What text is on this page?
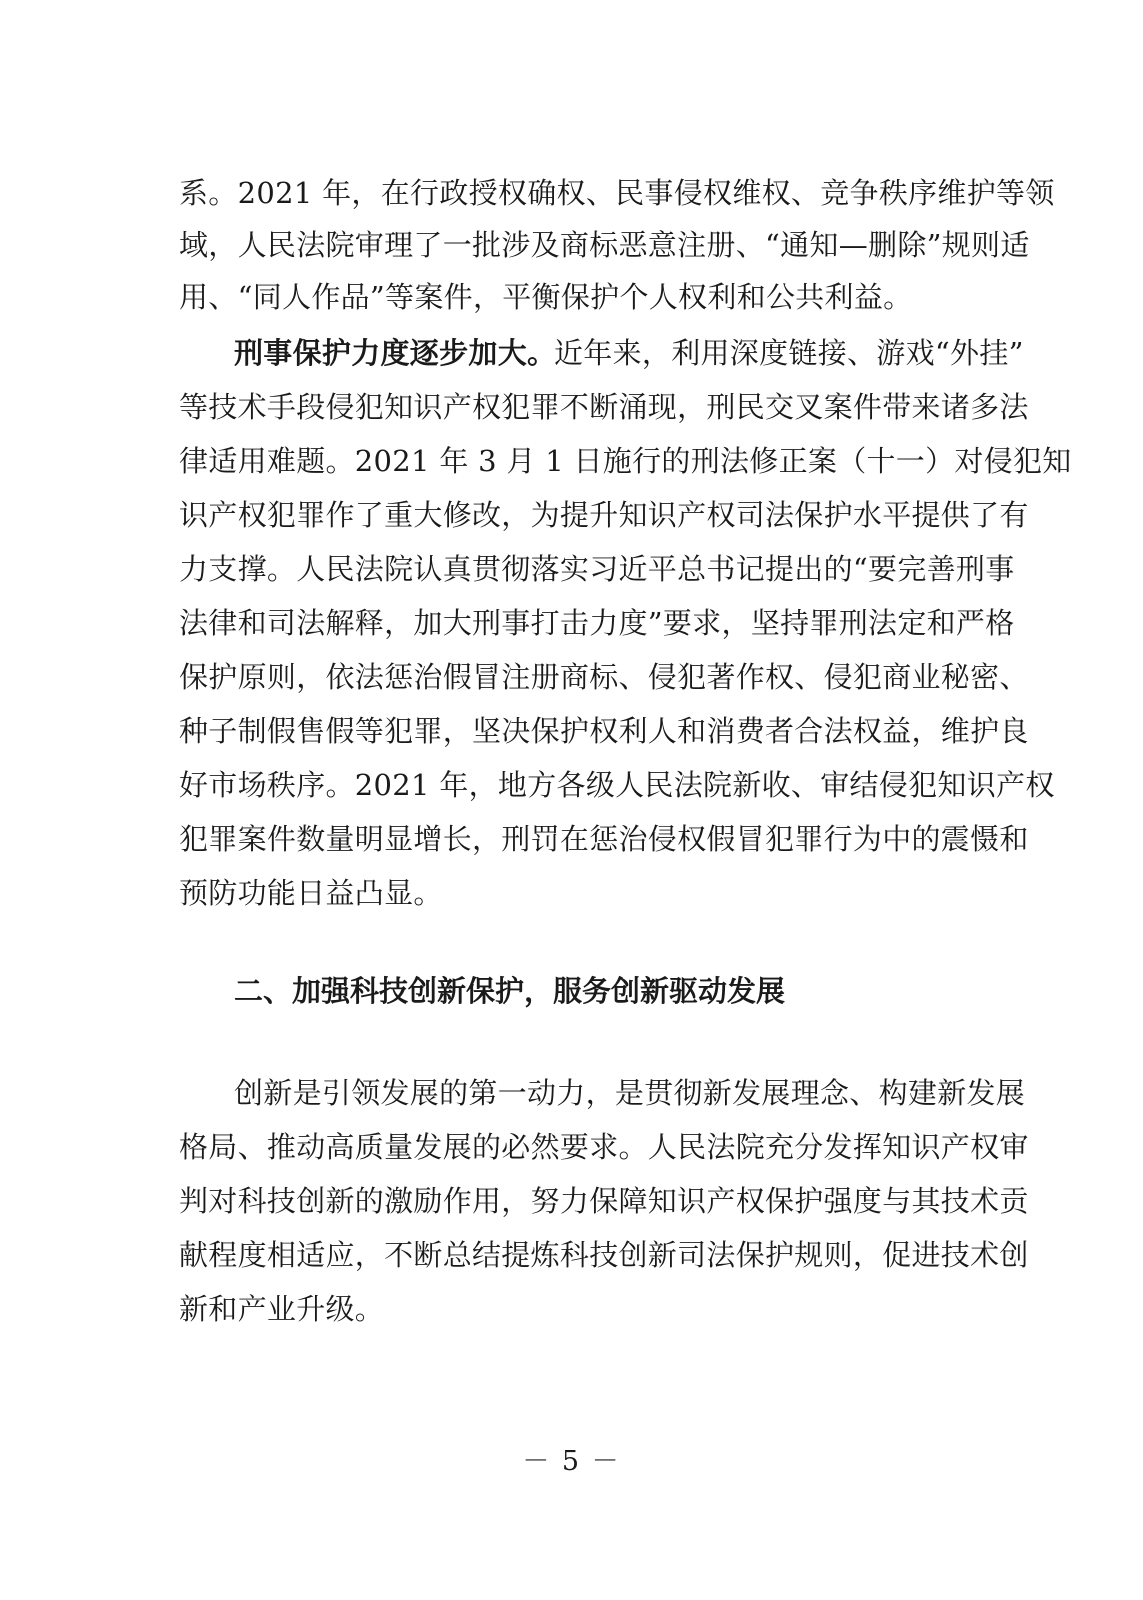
系。2021 年，在行政授权确权、民事侵权维权、竞争秩序维护等领
域，人民法院审理了一批涉及商标恶意注册、“通知—删除”规则适
用、“同人作品”等案件，平衡保护个人权利和公共利益。
刑事保护力度逐步加大。
近年来，利用深度链接、游戏“外挂”
等技术手段侵犯知识产权犯罪不断涌现，刑民交叉案件带来诸多法
律适用难题。2021 年 3 月 1 日施行的刑法修正案（十一）对侵犯知
识产权犯罪作了重大修改，为提升知识产权司法保护水平提供了有
力支撑。人民法院认真贯彻落实习近平总书记提出的“要完善刑事
法律和司法解释，加大刑事打击力度”要求，坚持罪刑法定和严格
保护原则，依法惩治假冒注册商标、侵犯著作权、侵犯商业秘密、
种子制假售假等犯罪，坚决保护权利人和消费者合法权益，维护良
好市场秩序。2021 年，地方各级人民法院新收、审结侵犯知识产权
犯罪案件数量明显增长，刑罚在惩治侵权假冒犯罪行为中的震慑和
预防功能日益凸显。
二、加强科技创新保护，服务创新驱动发展
创新是引领发展的第一动力，是贯彻新发展理念、构建新发展
格局、推动高质量发展的必然要求。人民法院充分发挥知识产权审
判对科技创新的激励作用，努力保障知识产权保护强度与其技术贡
献程度相适应，不断总结提炼科技创新司法保护规则，促进技术创
新和产业升级。
－ 5 －
